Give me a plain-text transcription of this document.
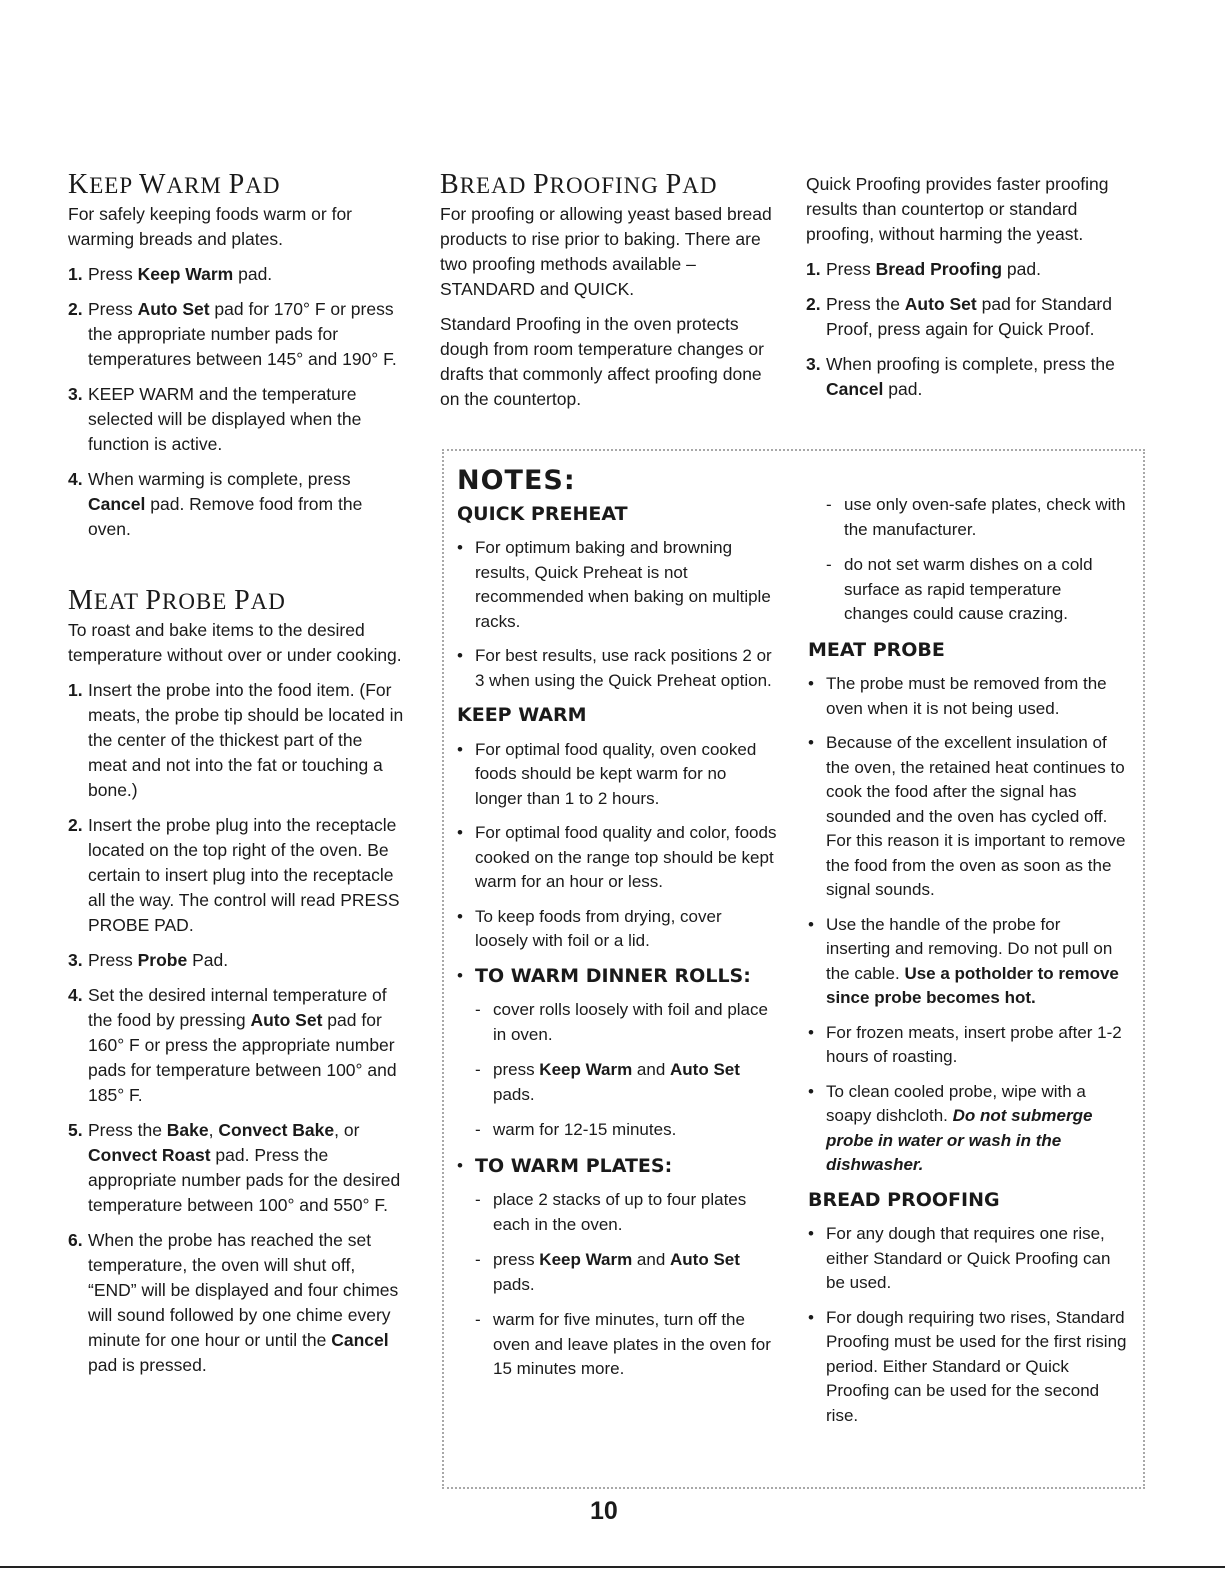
KEEP WARM PAD

For safely keeping foods warm or for warming breads and plates.

1. Press Keep Warm pad.
2. Press Auto Set pad for 170° F or press the appropriate number pads for temperatures between 145° and 190° F.
3. KEEP WARM and the temperature selected will be displayed when the function is active.
4. When warming is complete, press Cancel pad. Remove food from the oven.
MEAT PROBE PAD

To roast and bake items to the desired temperature without over or under cooking.

1. Insert the probe into the food item. (For meats, the probe tip should be located in the center of the thickest part of the meat and not into the fat or touching a bone.)
2. Insert the probe plug into the receptacle located on the top right of the oven. Be certain to insert plug into the receptacle all the way. The control will read PRESS PROBE PAD.
3. Press Probe Pad.
4. Set the desired internal temperature of the food by pressing Auto Set pad for 160° F or press the appropriate number pads for temperature between 100° and 185° F.
5. Press the Bake, Convect Bake, or Convect Roast pad. Press the appropriate number pads for the desired temperature between 100° and 550° F.
6. When the probe has reached the set temperature, the oven will shut off, “END” will be displayed and four chimes will sound followed by one chime every minute for one hour or until the Cancel pad is pressed.
BREAD PROOFING PAD

For proofing or allowing yeast based bread products to rise prior to baking. There are two proofing methods available – STANDARD and QUICK.

Standard Proofing in the oven protects dough from room temperature changes or drafts that commonly affect proofing done on the countertop.

Quick Proofing provides faster proofing results than countertop or standard proofing, without harming the yeast.

1. Press Bread Proofing pad.
2. Press the Auto Set pad for Standard Proof, press again for Quick Proof.
3. When proofing is complete, press the Cancel pad.
NOTES:
QUICK PREHEAT
• For optimum baking and browning results, Quick Preheat is not recommended when baking on multiple racks.
• For best results, use rack positions 2 or 3 when using the Quick Preheat option.
KEEP WARM
• For optimal food quality, oven cooked foods should be kept warm for no longer than 1 to 2 hours.
• For optimal food quality and color, foods cooked on the range top should be kept warm for an hour or less.
• To keep foods from drying, cover loosely with foil or a lid.
• TO WARM DINNER ROLLS:
- cover rolls loosely with foil and place in oven.
- press Keep Warm and Auto Set pads.
- warm for 12-15 minutes.
• TO WARM PLATES:
- place 2 stacks of up to four plates each in the oven.
- press Keep Warm and Auto Set pads.
- warm for five minutes, turn off the oven and leave plates in the oven for 15 minutes more.
- use only oven-safe plates, check with the manufacturer.
- do not set warm dishes on a cold surface as rapid temperature changes could cause crazing.
MEAT PROBE
• The probe must be removed from the oven when it is not being used.
• Because of the excellent insulation of the oven, the retained heat continues to cook the food after the signal has sounded and the oven has cycled off. For this reason it is important to remove the food from the oven as soon as the signal sounds.
• Use the handle of the probe for inserting and removing. Do not pull on the cable. Use a potholder to remove since probe becomes hot.
• For frozen meats, insert probe after 1-2 hours of roasting.
• To clean cooled probe, wipe with a soapy dishcloth. Do not submerge probe in water or wash in the dishwasher.
BREAD PROOFING
• For any dough that requires one rise, either Standard or Quick Proofing can be used.
• For dough requiring two rises, Standard Proofing must be used for the first rising period. Either Standard or Quick Proofing can be used for the second rise.
10
